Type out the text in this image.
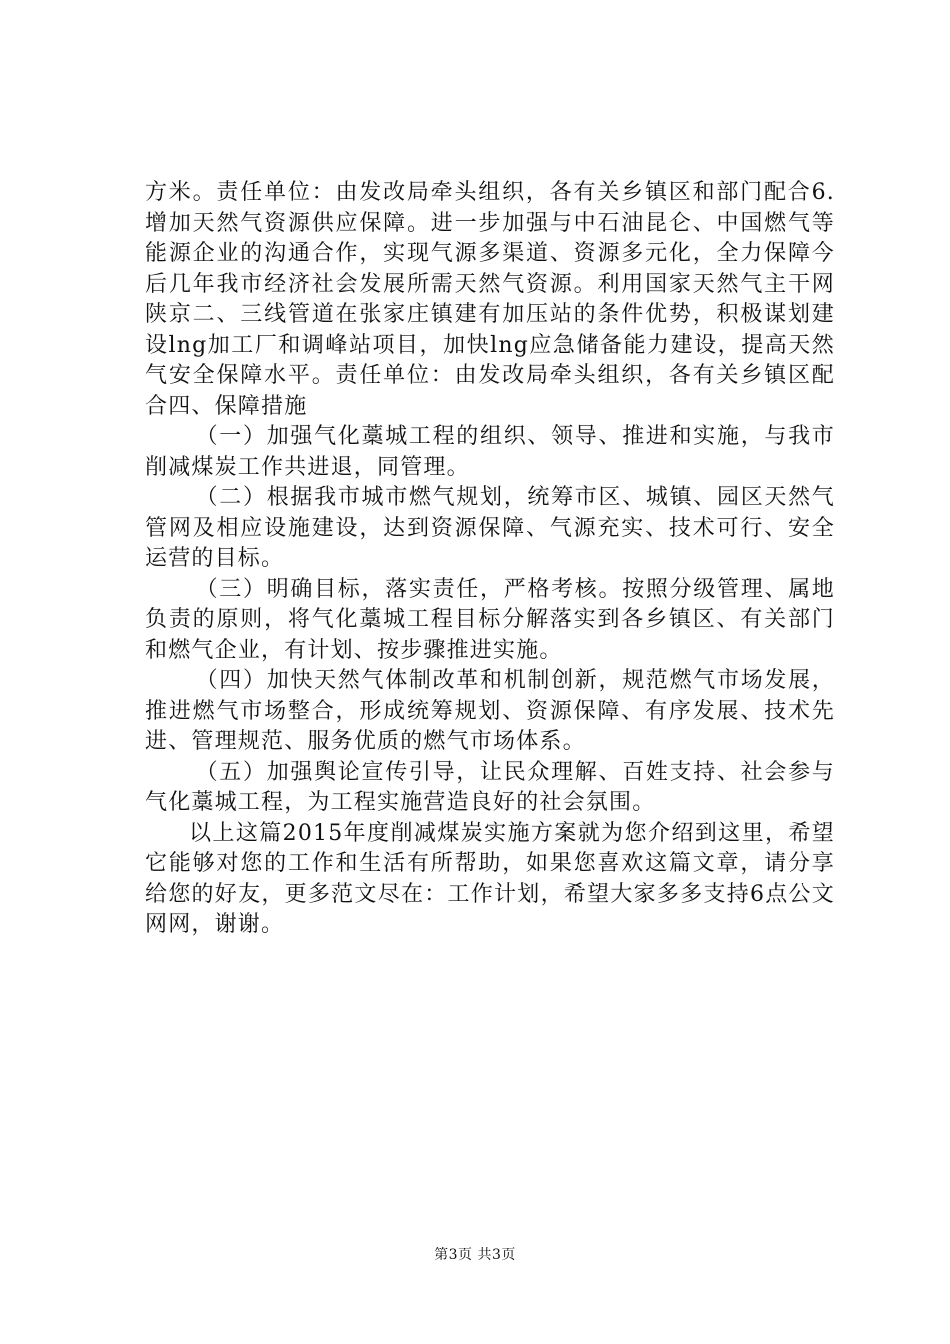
方米。责任单位：由发改局牵头组织，各有关乡镇区和部门配合6.增加天然气资源供应保障。进一步加强与中石油昆仑、中国燃气等能源企业的沟通合作，实现气源多渠道、资源多元化，全力保障今后几年我市经济社会发展所需天然气资源。利用国家天然气主干网陕京二、三线管道在张家庄镇建有加压站的条件优势，积极谋划建设lng加工厂和调峰站项目，加快lng应急储备能力建设，提高天然气安全保障水平。责任单位：由发改局牵头组织，各有关乡镇区配合四、保障措施

（一）加强气化藁城工程的组织、领导、推进和实施，与我市削减煤炭工作共进退，同管理。

（二）根据我市城市燃气规划，统筹市区、城镇、园区天然气管网及相应设施建设，达到资源保障、气源充实、技术可行、安全运营的目标。

（三）明确目标，落实责任，严格考核。按照分级管理、属地负责的原则，将气化藁城工程目标分解落实到各乡镇区、有关部门和燃气企业，有计划、按步骤推进实施。

（四）加快天然气体制改革和机制创新，规范燃气市场发展，推进燃气市场整合，形成统筹规划、资源保障、有序发展、技术先进、管理规范、服务优质的燃气市场体系。

（五）加强舆论宣传引导，让民众理解、百姓支持、社会参与气化藁城工程，为工程实施营造良好的社会氛围。

以上这篇2015年度削减煤炭实施方案就为您介绍到这里，希望它能够对您的工作和生活有所帮助，如果您喜欢这篇文章，请分享给您的好友，更多范文尽在：工作计划，希望大家多多支持6点公文网网，谢谢。

第3页 共3页
